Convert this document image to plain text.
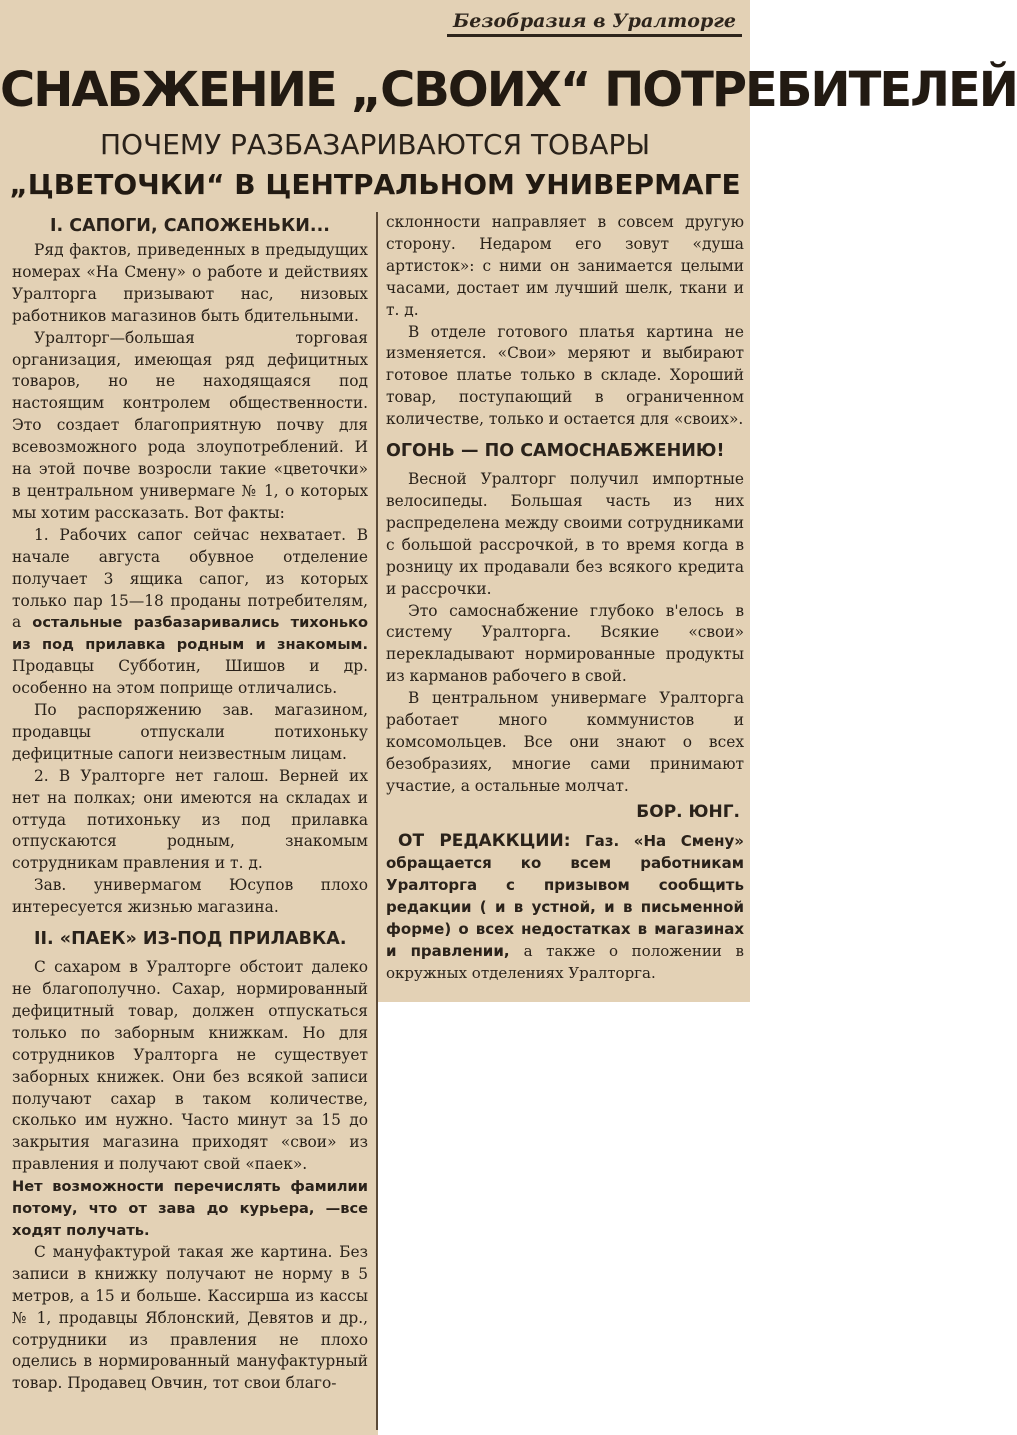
Безобразия в Уралторге
СНАБЖЕНИЕ „СВОИХ“ ПОТРЕБИТЕЛЕЙ
ПОЧЕМУ РАЗБАЗАРИВАЮТСЯ ТОВАРЫ
„ЦВЕТОЧКИ“ В ЦЕНТРАЛЬНОМ УНИВЕРМАГЕ
I. САПОГИ, САПОЖЕНЬКИ...

Ряд фактов, приведенных в предыдущих номерах «На Смену» о работе и действиях Уралторга призывают нас, низовых работников магазинов быть бдительными.

Уралторг—большая торговая организация, имеющая ряд дефицитных товаров, но не находящаяся под настоящим контролем общественности. Это создает благоприятную почву для всевозможного рода злоупотреблений. И на этой почве возросли такие «цветочки» в центральном универмаге № 1, о которых мы хотим рассказать. Вот факты:

1. Рабочих сапог сейчас нехватает. В начале августа обувное отделение получает 3 ящика сапог, из которых только пар 15—18 проданы потребителям, а остальные разбазаривались тихонько из под прилавка родным и знакомым. Продавцы Субботин, Шишов и др. особенно на этом поприще отличались.

По распоряжению зав. магазином, продавцы отпускали потихоньку дефицитные сапоги неизвестным лицам.

2. В Уралторге нет галош. Верней их нет на полках; они имеются на складах и оттуда потихоньку из под прилавка отпускаются родным, знакомым сотрудникам правления и т. д.

Зав. универмагом Юсупов плохо интересуется жизнью магазина.

II. «ПАЕК» ИЗ-ПОД ПРИЛАВКА.

С сахаром в Уралторге обстоит далеко не благополучно. Сахар, нормированный дефицитный товар, должен отпускаться только по заборным книжкам. Но для сотрудников Уралторга не существует заборных книжек. Они без всякой записи получают сахар в таком количестве, сколько им нужно. Часто минут за 15 до закрытия магазина приходят «свои» из правления и получают свой «паек».

Нет возможности перечислять фамилии потому, что от зава до курьера, —все ходят получать.

С мануфактурой такая же картина. Без записи в книжку получают не норму в 5 метров, а 15 и больше. Кассирша из кассы № 1, продавцы Яблонский, Девятов и др., сотрудники из правления не плохо оделись в нормированный мануфактурный товар. Продавец Овчин, тот свои благо-

склонности направляет в совсем другую сторону. Недаром его зовут «душа артисток»: с ними он занимается целыми часами, достает им лучший шелк, ткани и т. д.

В отделе готового платья картина не изменяется. «Свои» меряют и выбирают готовое платье только в складе. Хороший товар, поступающий в ограниченном количестве, только и остается для «своих».

ОГОНЬ — ПО САМОСНАБЖЕНИЮ!

Весной Уралторг получил импортные велосипеды. Большая часть из них распределена между своими сотрудниками с большой рассрочкой, в то время когда в розницу их продавали без всякого кредита и рассрочки.

Это самоснабжение глубоко в'елось в систему Уралторга. Всякие «свои» перекладывают нормированные продукты из карманов рабочего в свой.

В центральном универмаге Уралторга работает много коммунистов и комсомольцев. Все они знают о всех безобразиях, многие сами принимают участие, а остальные молчат.

БОР. ЮНГ.

ОТ РЕДАККЦИИ: Газ. «На Смену» обращается ко всем работникам Уралторга с призывом сообщить редакции ( и в устной, и в письменной форме) о всех недостатках в магазинах и правлении, а также о положении в окружных отделениях Уралторга.
